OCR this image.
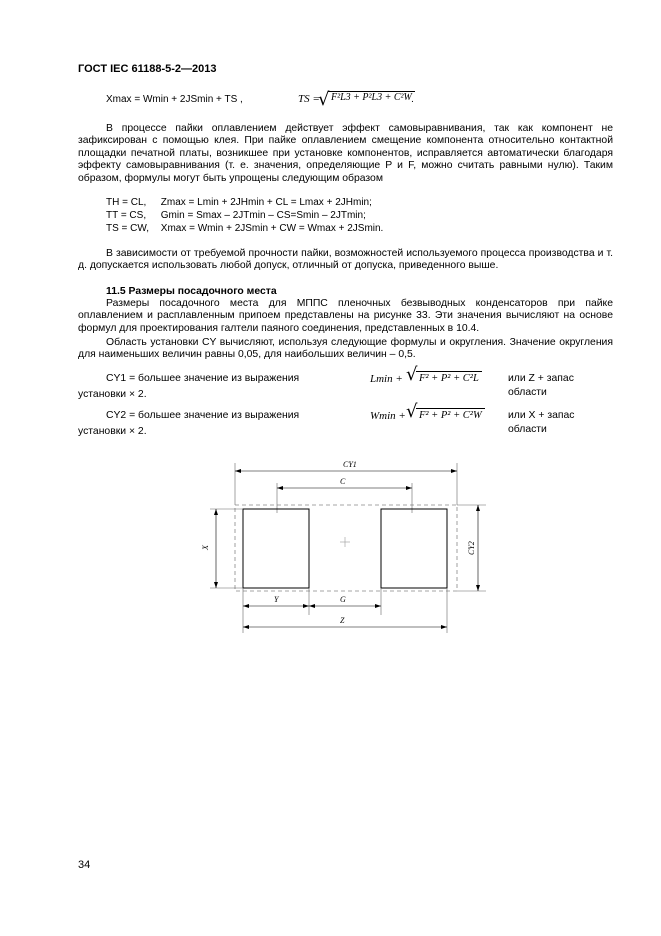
ГОСТ IEC 61188-5-2—2013
Xmax = Wmin + 2JSmin + TS ,	TS =
√ F²L3 + P²L3 + C²W .
В процессе пайки оплавлением действует эффект самовыравнивания, так как компонент не зафиксирован с помощью клея. При пайке оплавлением смещение компонента относительно контактной площадки печатной платы, возникшее при установке компонентов, исправляется автоматически благодаря эффекту самовыравнивания (т. е. значения, определяющие P и F, можно считать равными нулю). Таким образом, формулы могут быть упрощены следующим образом
TH = CL, Zmax = Lmin + 2JHmin + CL = Lmax + 2JHmin;
TT = CS, Gmin = Smax – 2JTmin – CS=Smin – 2JTmin;
TS = CW, Xmax = Wmin + 2JSmin + CW = Wmax + 2JSmin.
В зависимости от требуемой прочности пайки, возможностей используемого процесса производства и т. д. допускается использовать любой допуск, отличный от допуска, приведенного выше.
11.5 Размеры посадочного места
Размеры посадочного места для МППС пленочных безвыводных конденсаторов при пайке оплавлением и расплавленным припоем представлены на рисунке 33. Эти значения вычисляют на основе формул для проектирования галтели паяного соединения, представленных в 10.4.
Область установки CY вычисляют, используя следующие формулы и округления. Значение округления для наименьших величин равны 0,05, для наибольших величин – 0,5.
CY1 = большее значение из выражения	Lmin + √ F² + P² + C²L	или Z + запас области
установки × 2.
CY2 = большее значение из выражения	Wmin + √ F² + P² + C²W	или X + запас области
установки × 2.
CY1
C
X	CY2
Y	G
Z
34
